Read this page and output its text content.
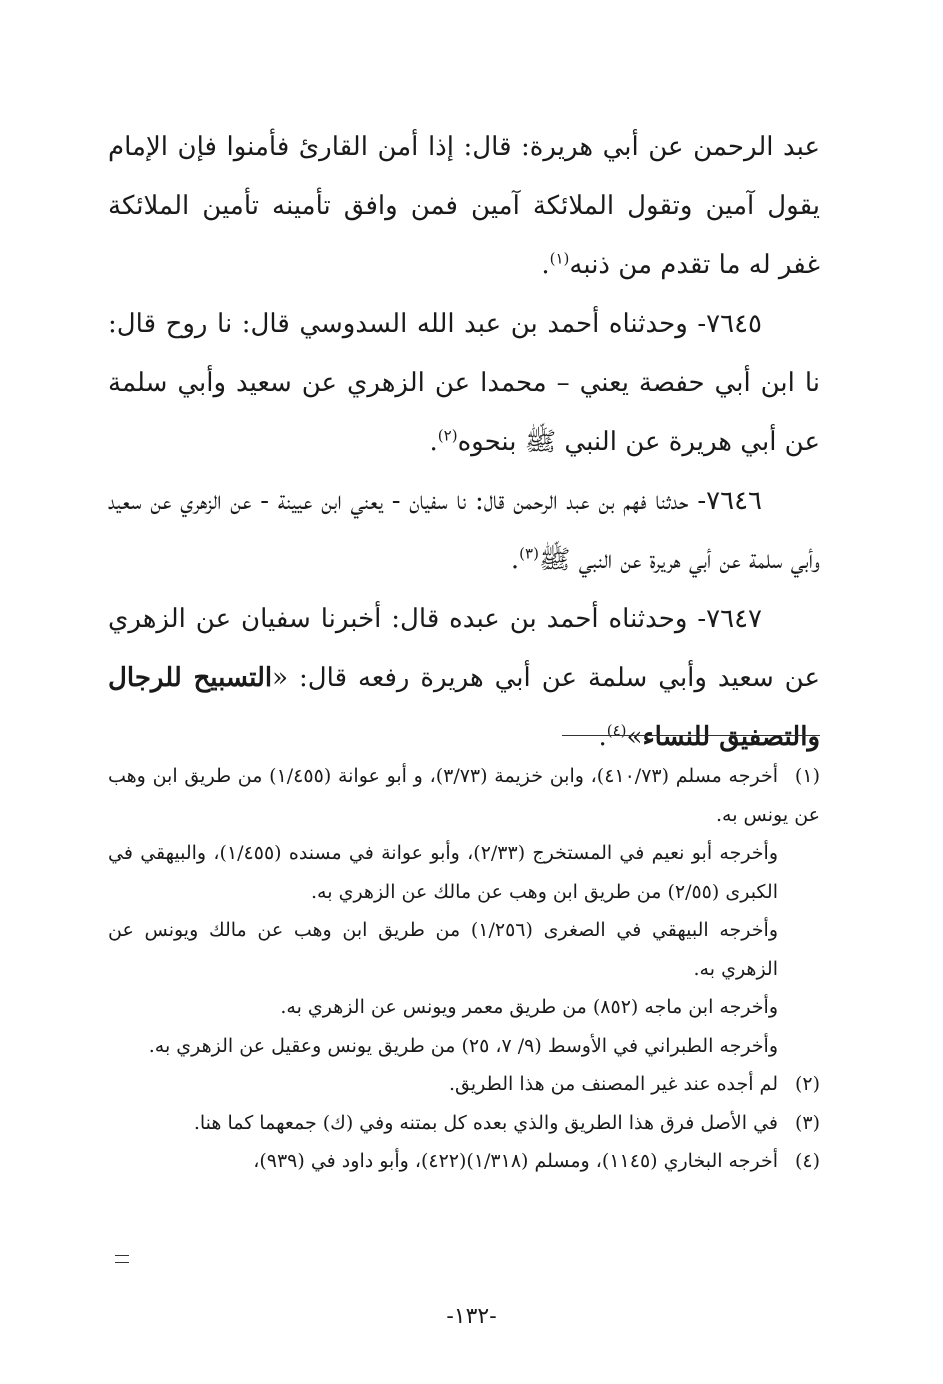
عبد الرحمن عن أبي هريرة: قال: إذا أمن القارئ فأمنوا فإن الإمام يقول آمين وتقول الملائكة آمين فمن وافق تأمينه تأمين الملائكة غفر له ما تقدم من ذنبه$^{(١)}$.
٧٦٤٥- وحدثناه أحمد بن عبد الله السدوسي قال: نا روح قال: نا ابن أبي حفصة يعني – محمدا عن الزهري عن سعيد وأبي سلمة عن أبي هريرة عن النبي ﷺ بنحوه$^{(٢)}$.
٧٦٤٦- حدثنا فهم بن عبد الرحمن قال: نا سفيان - يعني ابن عيينة - عن الزهري عن سعيد وأبي سلمة عن أبي هريرة عن النبي ﷺ$^{(٣)}$.
٧٦٤٧- وحدثناه أحمد بن عبده قال: أخبرنا سفيان عن الزهري عن سعيد وأبي سلمة عن أبي هريرة رفعه قال: «التسبيح للرجال والتصفيق للنساء»$^{(٤)}$.
(١)أخرجه مسلم (٤١٠/٧٣)، وابن خزيمة (٣/٧٣)، و أبو عوانة (١/٤٥٥) من طريق ابن وهب عن يونس به.
وأخرجه أبو نعيم في المستخرج (٢/٣٣)، وأبو عوانة في مسنده (١/٤٥٥)، والبيهقي في الكبرى (٢/٥٥) من طريق ابن وهب عن مالك عن الزهري به.
وأخرجه البيهقي في الصغرى (١/٢٥٦) من طريق ابن وهب عن مالك ويونس عن الزهري به.
وأخرجه ابن ماجه (٨٥٢) من طريق معمر ويونس عن الزهري به.
وأخرجه الطبراني في الأوسط (٩/ ٧، ٢٥) من طريق يونس وعقيل عن الزهري به.
(٢)لم أجده عند غير المصنف من هذا الطريق.
(٣)في الأصل فرق هذا الطريق والذي بعده كل بمتنه وفي (ك) جمعهما كما هنا.
(٤)أخرجه البخاري (١١٤٥)، ومسلم (١/٣١٨)(٤٢٢)، وأبو داود في (٩٣٩)،
-١٣٢-
